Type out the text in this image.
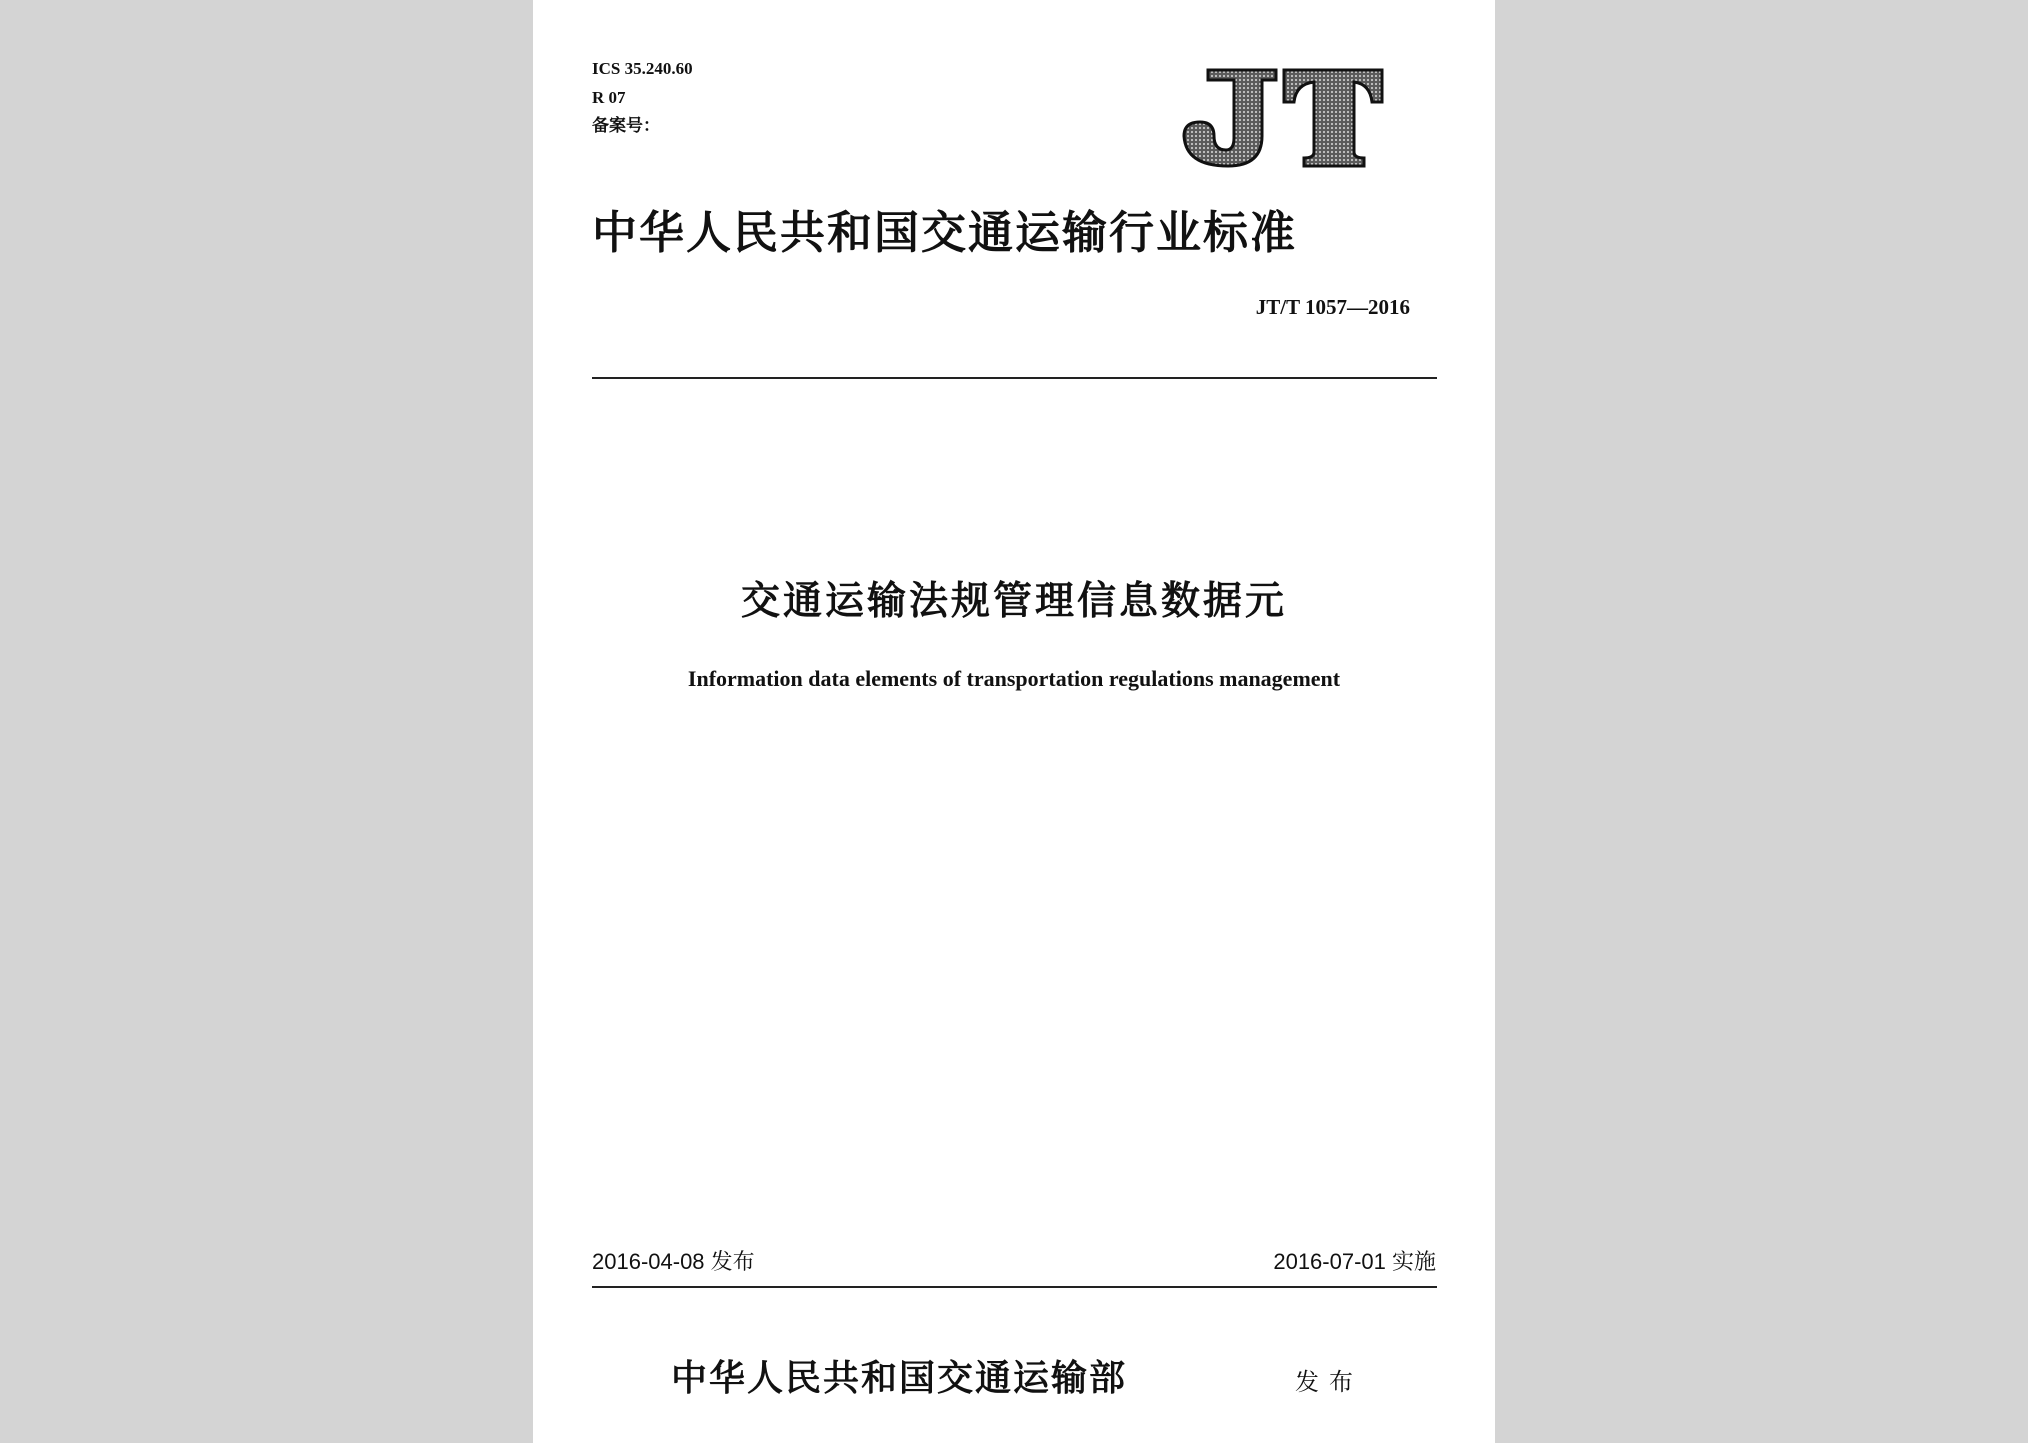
ICS 35.240.60
R 07
备案号：
中华人民共和国交通运输行业标准
JT/T 1057—2016
交通运输法规管理信息数据元
Information data elements of transportation regulations management
2016-04-08 发布	2016-07-01 实施
中华人民共和国交通运输部	发布
